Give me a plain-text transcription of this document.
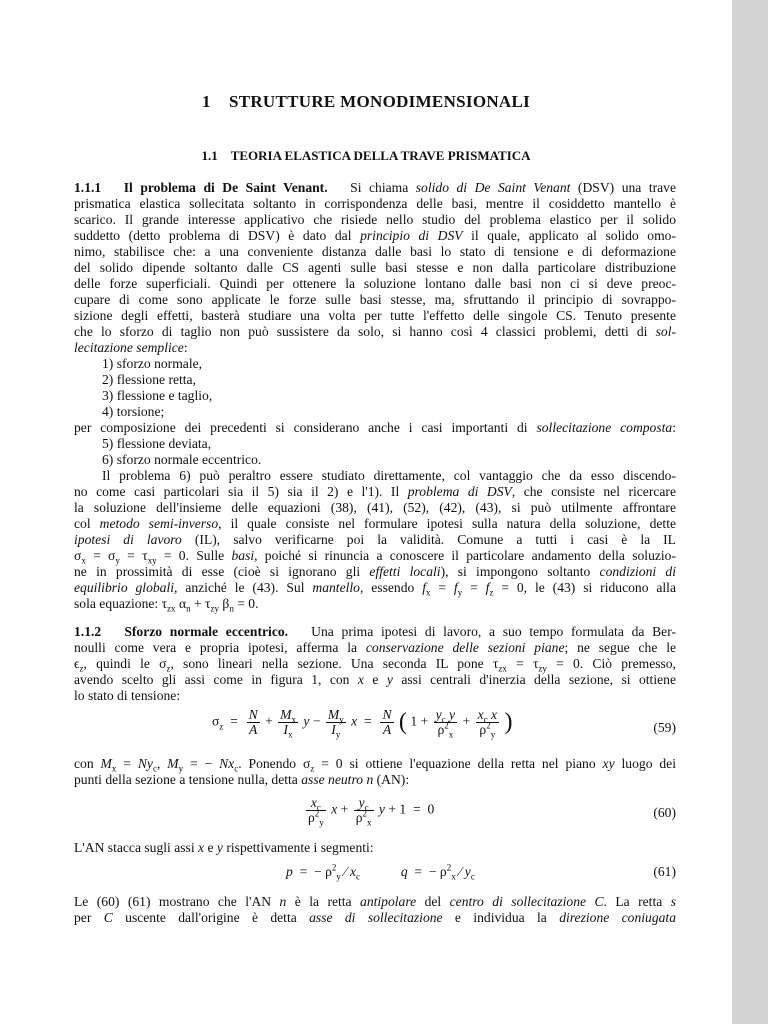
1 STRUTTURE MONODIMENSIONALI
1.1 TEORIA ELASTICA DELLA TRAVE PRISMATICA
1.1.1 Il problema di De Saint Venant.   Si chiama solido di De Saint Venant (DSV) una trave
prismatica elastica sollecitata soltanto in corrispondenza delle basi, mentre il cosiddetto mantello è
scarico. Il grande interesse applicativo che risiede nello studio del problema elastico per il solido
suddetto (detto problema di DSV) è dato dal principio di DSV il quale, applicato al solido omo-
nimo, stabilisce che: a una conveniente distanza dalle basi lo stato di tensione e di deformazione
del solido dipende soltanto dalle CS agenti sulle basi stesse e non dalla particolare distribuzione
delle forze superficiali. Quindi per ottenere la soluzione lontano dalle basi non ci si deve preoc-
cupare di come sono applicate le forze sulle basi stesse, ma, sfruttando il principio di sovrappo-
sizione degli effetti, basterà studiare una volta per tutte l'effetto delle singole CS. Tenuto presente
che lo sforzo di taglio non può sussistere da solo, si hanno così 4 classici problemi, detti di sol-
lecitazione semplice:
1) sforzo normale,
2) flessione retta,
3) flessione e taglio,
4) torsione;
per composizione dei precedenti si considerano anche i casi importanti di sollecitazione composta:
5) flessione deviata,
6) sforzo normale eccentrico.
Il problema 6) può peraltro essere studiato direttamente, col vantaggio che da esso discendo-
no come casi particolari sia il 5) sia il 2) e l'1). Il problema di DSV, che consiste nel ricercare
la soluzione dell'insieme delle equazioni (38), (41), (52), (42), (43), si può utilmente affrontare
col metodo semi-inverso, il quale consiste nel formulare ipotesi sulla natura della soluzione, dette
ipotesi di lavoro (IL), salvo verificarne poi la validità. Comune a tutti i casi è la IL
$\sigma_x = \sigma_y = \tau_{xy} = 0$. Sulle basi, poiché si rinuncia a conoscere il particolare andamento della soluzio-
ne in prossimità di esse (cioè si ignorano gli effetti locali), si impongono soltanto condizioni di
equilibrio globali, anziché le (43). Sul mantello, essendo $f_x = f_y = f_z = 0$, le (43) si riducono alla
sola equazione: $\tau_{zx}$ $\alpha_n + \tau_{zy}$ $\beta_n = 0$.
1.1.2 Sforzo normale eccentrico.   Una prima ipotesi di lavoro, a suo tempo formulata da Ber-
noulli come vera e propria ipotesi, afferma la conservazione delle sezioni piane; ne segue che le
$\epsilon_z$, quindi le $\sigma_z$, sono lineari nella sezione. Una seconda IL pone $\tau_{zx} = \tau_{zy} = 0$. Ciò premesso,
avendo scelto gli assi come in figura 1, con x e y assi centrali d'inerzia della sezione, si ottiene
lo stato di tensione:
$\sigma_z = \frac{N}{A} + \frac{M_x}{I_x}$ $y - \frac{M_y}{I_y}$ $x = \frac{N}{A}$ ( $1 + \frac{y_c y}{\rho^2_x} + \frac{x_c x}{\rho^2_y}$ )	(59)
con $M_x = Ny_c$, $M_y$ = − $Nx_c$. Ponendo $\sigma_z = 0$ si ottiene l'equazione della retta nel piano xy luogo dei
punti della sezione a tensione nulla, detta asse neutro n (AN):
$\frac{x_c}{\rho^2_y}$ $x + \frac{y_c}{\rho^2_x}$ y + 1  =  0	(60)
L'AN stacca sugli assi x e y rispettivamente i segmenti:
p  =  − $\rho^2_y$ ⁄ $x_c$	q  =  − $\rho^2_x$ ⁄ $y_c$	(61)
Le (60) (61) mostrano che l'AN n è la retta antipolare del centro di sollecitazione C. La retta s
per C uscente dall'origine è detta asse di sollecitazione e individua la direzione coniugata
